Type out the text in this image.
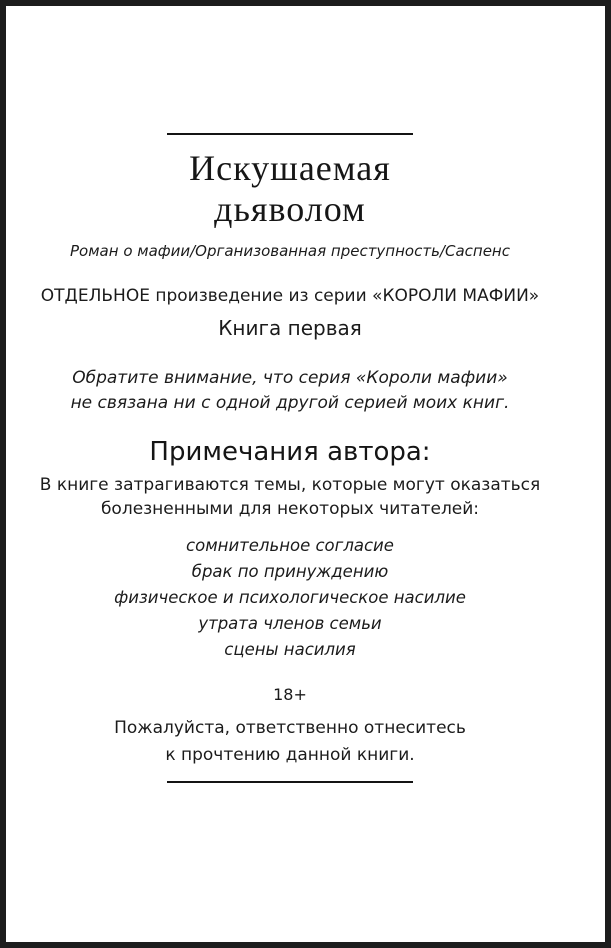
Искушаемая
дьяволом
Роман о мафии/Организованная преступность/Саспенс
ОТДЕЛЬНОЕ произведение из серии «КОРОЛИ МАФИИ»
Книга первая
Обратите внимание, что серия «Короли мафии»
не связана ни с одной другой серией моих книг.
Примечания автора:
В книге затрагиваются темы, которые могут оказаться
болезненными для некоторых читателей:
сомнительное согласие
брак по принуждению
физическое и психологическое насилие
утрата членов семьи
сцены насилия
18+
Пожалуйста, ответственно отнеситесь
к прочтению данной книги.
